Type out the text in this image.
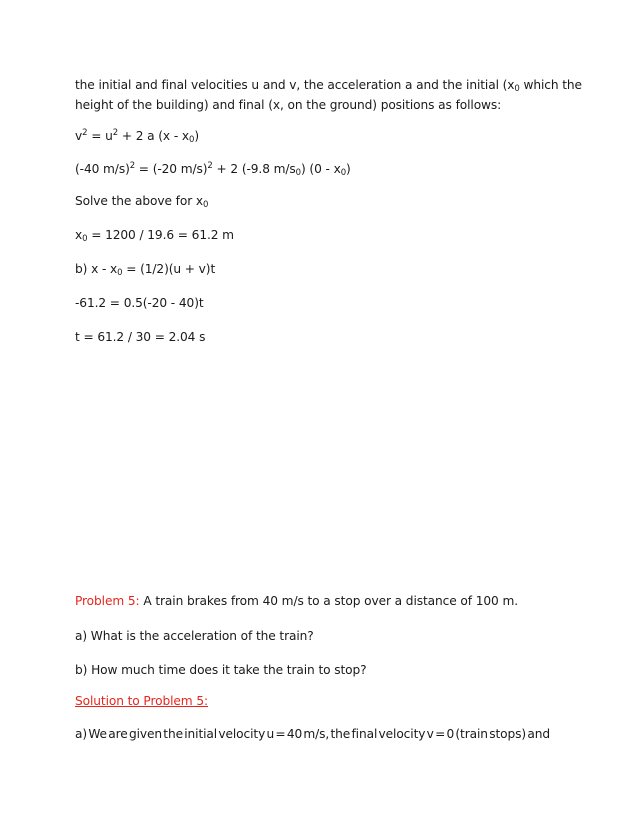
the initial and final velocities u and v, the acceleration a and the initial ($x_0$ which the
height of the building) and final (x, on the ground) positions as follows:
$v^2 = u^2 + 2$ a $(x - x_0)$
(-40 m/s)$^2$ = (-20 m/s)$^2$ + 2 (-9.8 $m/s_0$) $(0 - x_0)$
Solve the above for $x_0$
$x_0 = 1200 / 19.6 = 61.2$ m
b) $x - x_0 = (1/2)(u + v)t$
-61.2 = 0.5(-20 - 40)t
t = 61.2 / 30 = 2.04 s
Problem 5: A train brakes from 40 m/s to a stop over a distance of 100 m.
a) What is the acceleration of the train?
b) How much time does it take the train to stop?
Solution to Problem 5:
a) We are given the initial velocity u = 40 m/s, the final velocity v = 0 (train stops) and
